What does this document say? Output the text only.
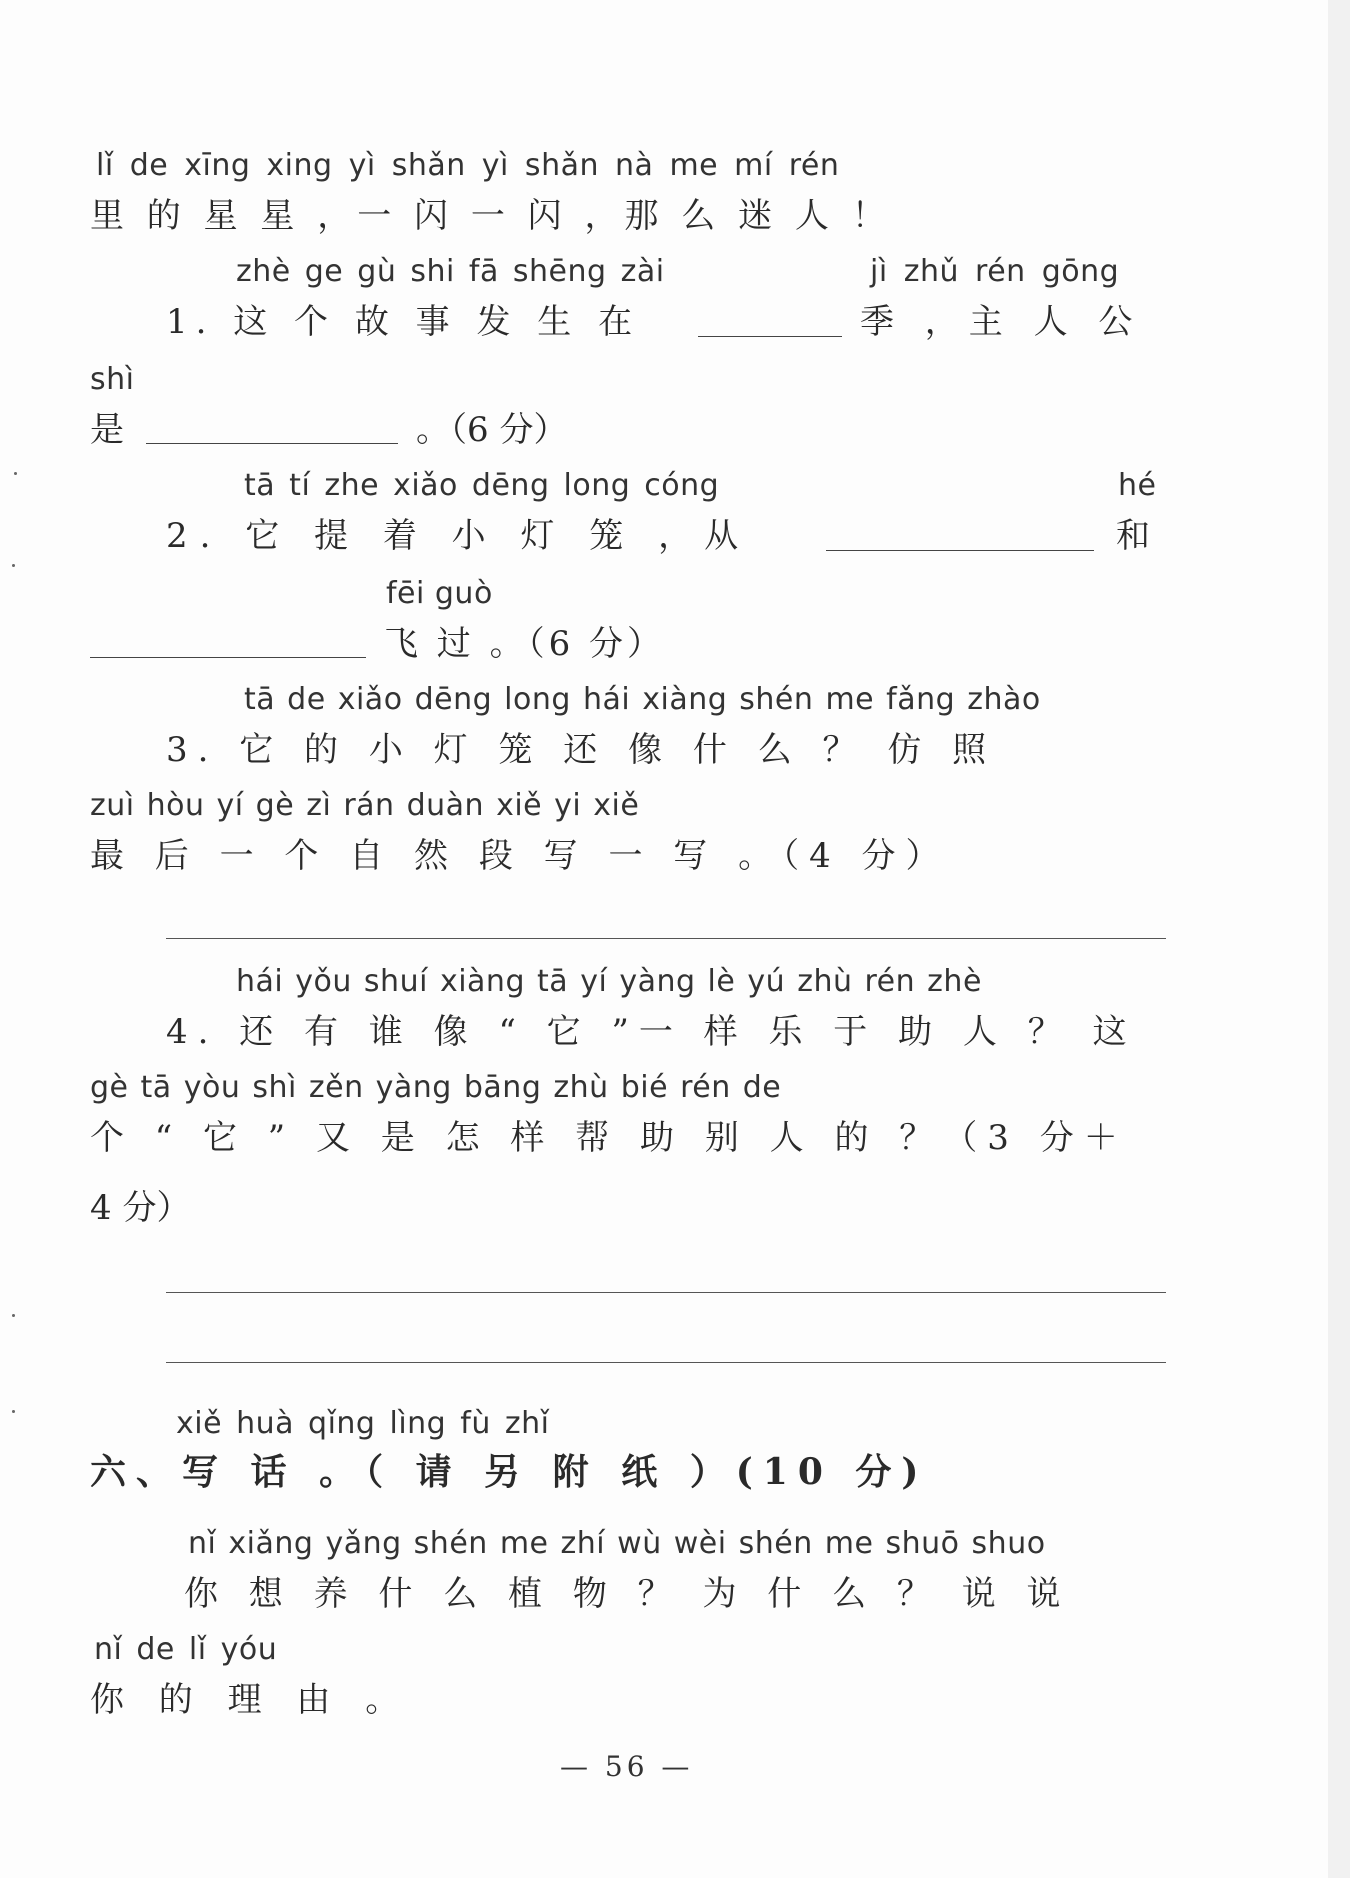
lǐ de xīng xing yì shǎn yì shǎn nà me mí rén
里 的 星 星 ，一 闪 一 闪 ，那 么 迷 人 ！
zhè ge gù shi fā shēng zài
1. 这 个 故 事 发 生 在
jì zhǔ rén gōng
季 ，主 人 公
shì
是	。（6 分）
tā tí zhe xiǎo dēng long cóng
2. 它 提 着 小 灯 笼 ，从
hé
和
fēi guò
飞 过 。（6 分）
tā de xiǎo dēng long hái xiàng shén me fǎng zhào
3. 它 的 小 灯 笼 还 像 什 么 ？ 仿 照
zuì hòu yí gè zì rán duàn xiě yi xiě
最 后 一 个 自 然 段 写 一 写 。（4 分）
hái yǒu shuí xiàng tā yí yàng lè yú zhù rén zhè
4. 还 有 谁 像 “ 它 ”一 样 乐 于 助 人 ？ 这
gè tā yòu shì zěn yàng bāng zhù bié rén de
个 “ 它 ” 又 是 怎 样 帮 助 别 人 的 ？（3 分＋
4 分）
xiě huà qǐng lìng fù zhǐ
六、写 话 。（ 请 另 附 纸 ）(10 分)
nǐ xiǎng yǎng shén me zhí wù wèi shén me shuō shuo
你 想 养 什 么 植 物 ？ 为 什 么 ？ 说 说
nǐ de lǐ yóu
你 的 理 由 。
— 56 —
